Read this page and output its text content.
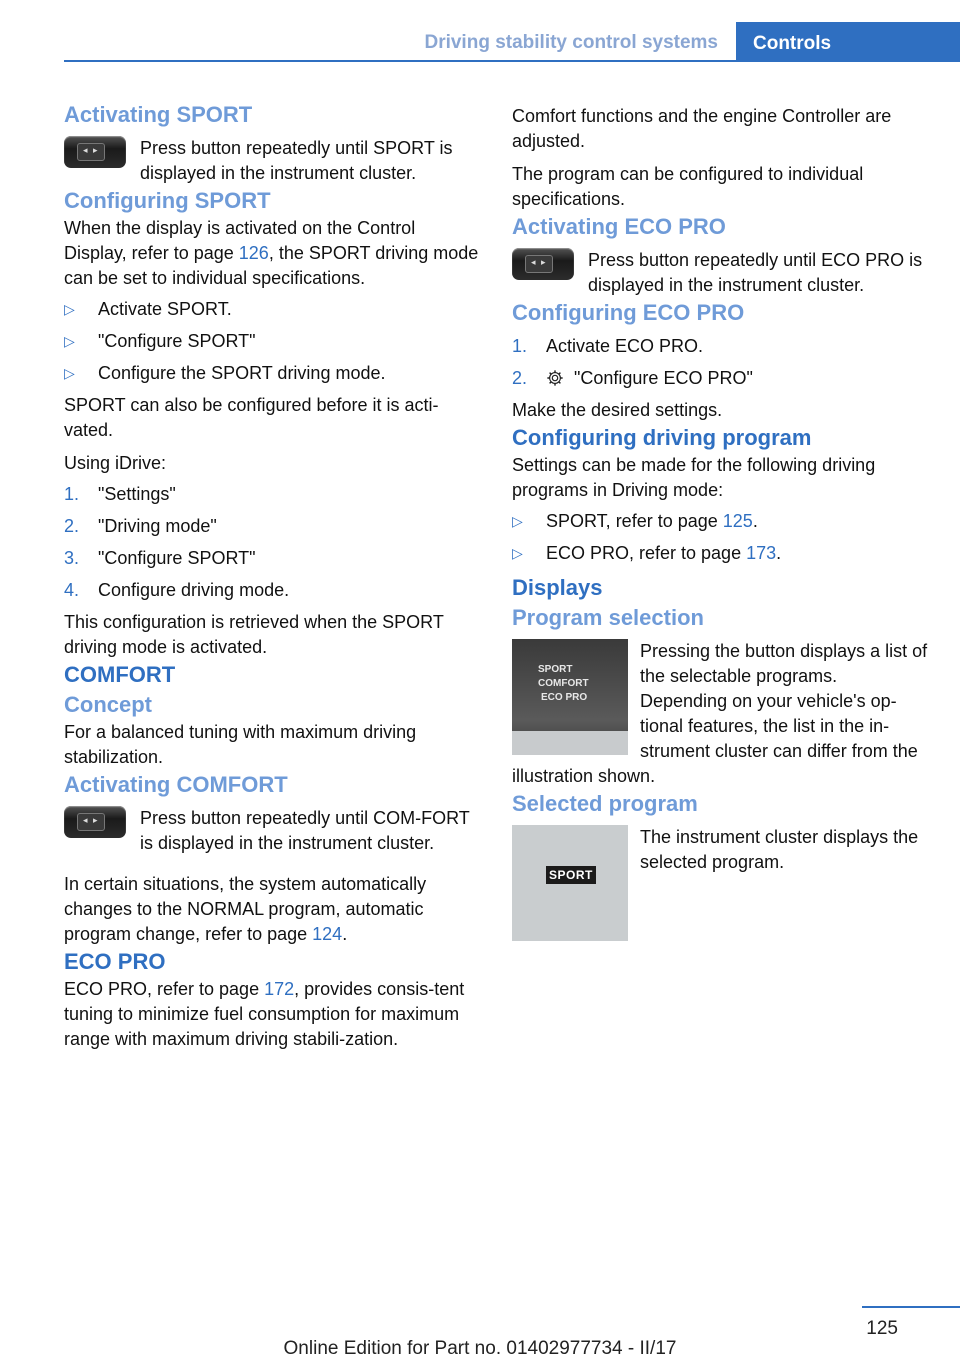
Driving stability control systems Controls
Activating SPORT
◂ ▸	Press button repeatedly until SPORT is displayed in the instrument cluster.

Configuring SPORT

When the display is activated on the Control Display, refer to page 126, the SPORT driving mode can be set to individual specifications.

▷ Activate SPORT.
▷ "Configure SPORT"
▷ Configure the SPORT driving mode.

SPORT can also be configured before it is acti‐vated.

Using iDrive:

1. "Settings"
2. "Driving mode"
3. "Configure SPORT"
4. Configure driving mode.

This configuration is retrieved when the SPORT driving mode is activated.

COMFORT
Concept

For a balanced tuning with maximum driving stabilization.

Activating COMFORT
◂ ▸	Press button repeatedly until COM‐FORT is displayed in the instrument cluster.

In certain situations, the system automatically changes to the NORMAL program, automatic program change, refer to page 124.

ECO PRO

ECO PRO, refer to page 172, provides consis‐tent tuning to minimize fuel consumption for maximum range with maximum driving stabili‐zation.

Comfort functions and the engine Controller are adjusted.

The program can be configured to individual specifications.

Activating ECO PRO
◂ ▸	Press button repeatedly until ECO PRO is displayed in the instrument cluster.

Configuring ECO PRO
1. Activate ECO PRO.
2.	"Configure ECO PRO"

Make the desired settings.

Configuring driving program

Settings can be made for the following driving programs in Driving mode:

▷ SPORT, refer to page 125.
▷ ECO PRO, refer to page 173.
Displays
Program selection
SPORT
COMFORT
ECO PRO

Pressing the button displays a list of the selectable programs. Depending on your vehicle's op‐tional features, the list in the in‐strument cluster can differ from the illustration shown.

Selected program
SPORT

The instrument cluster displays the selected program.

125
Online Edition for Part no. 01402977734 - II/17
